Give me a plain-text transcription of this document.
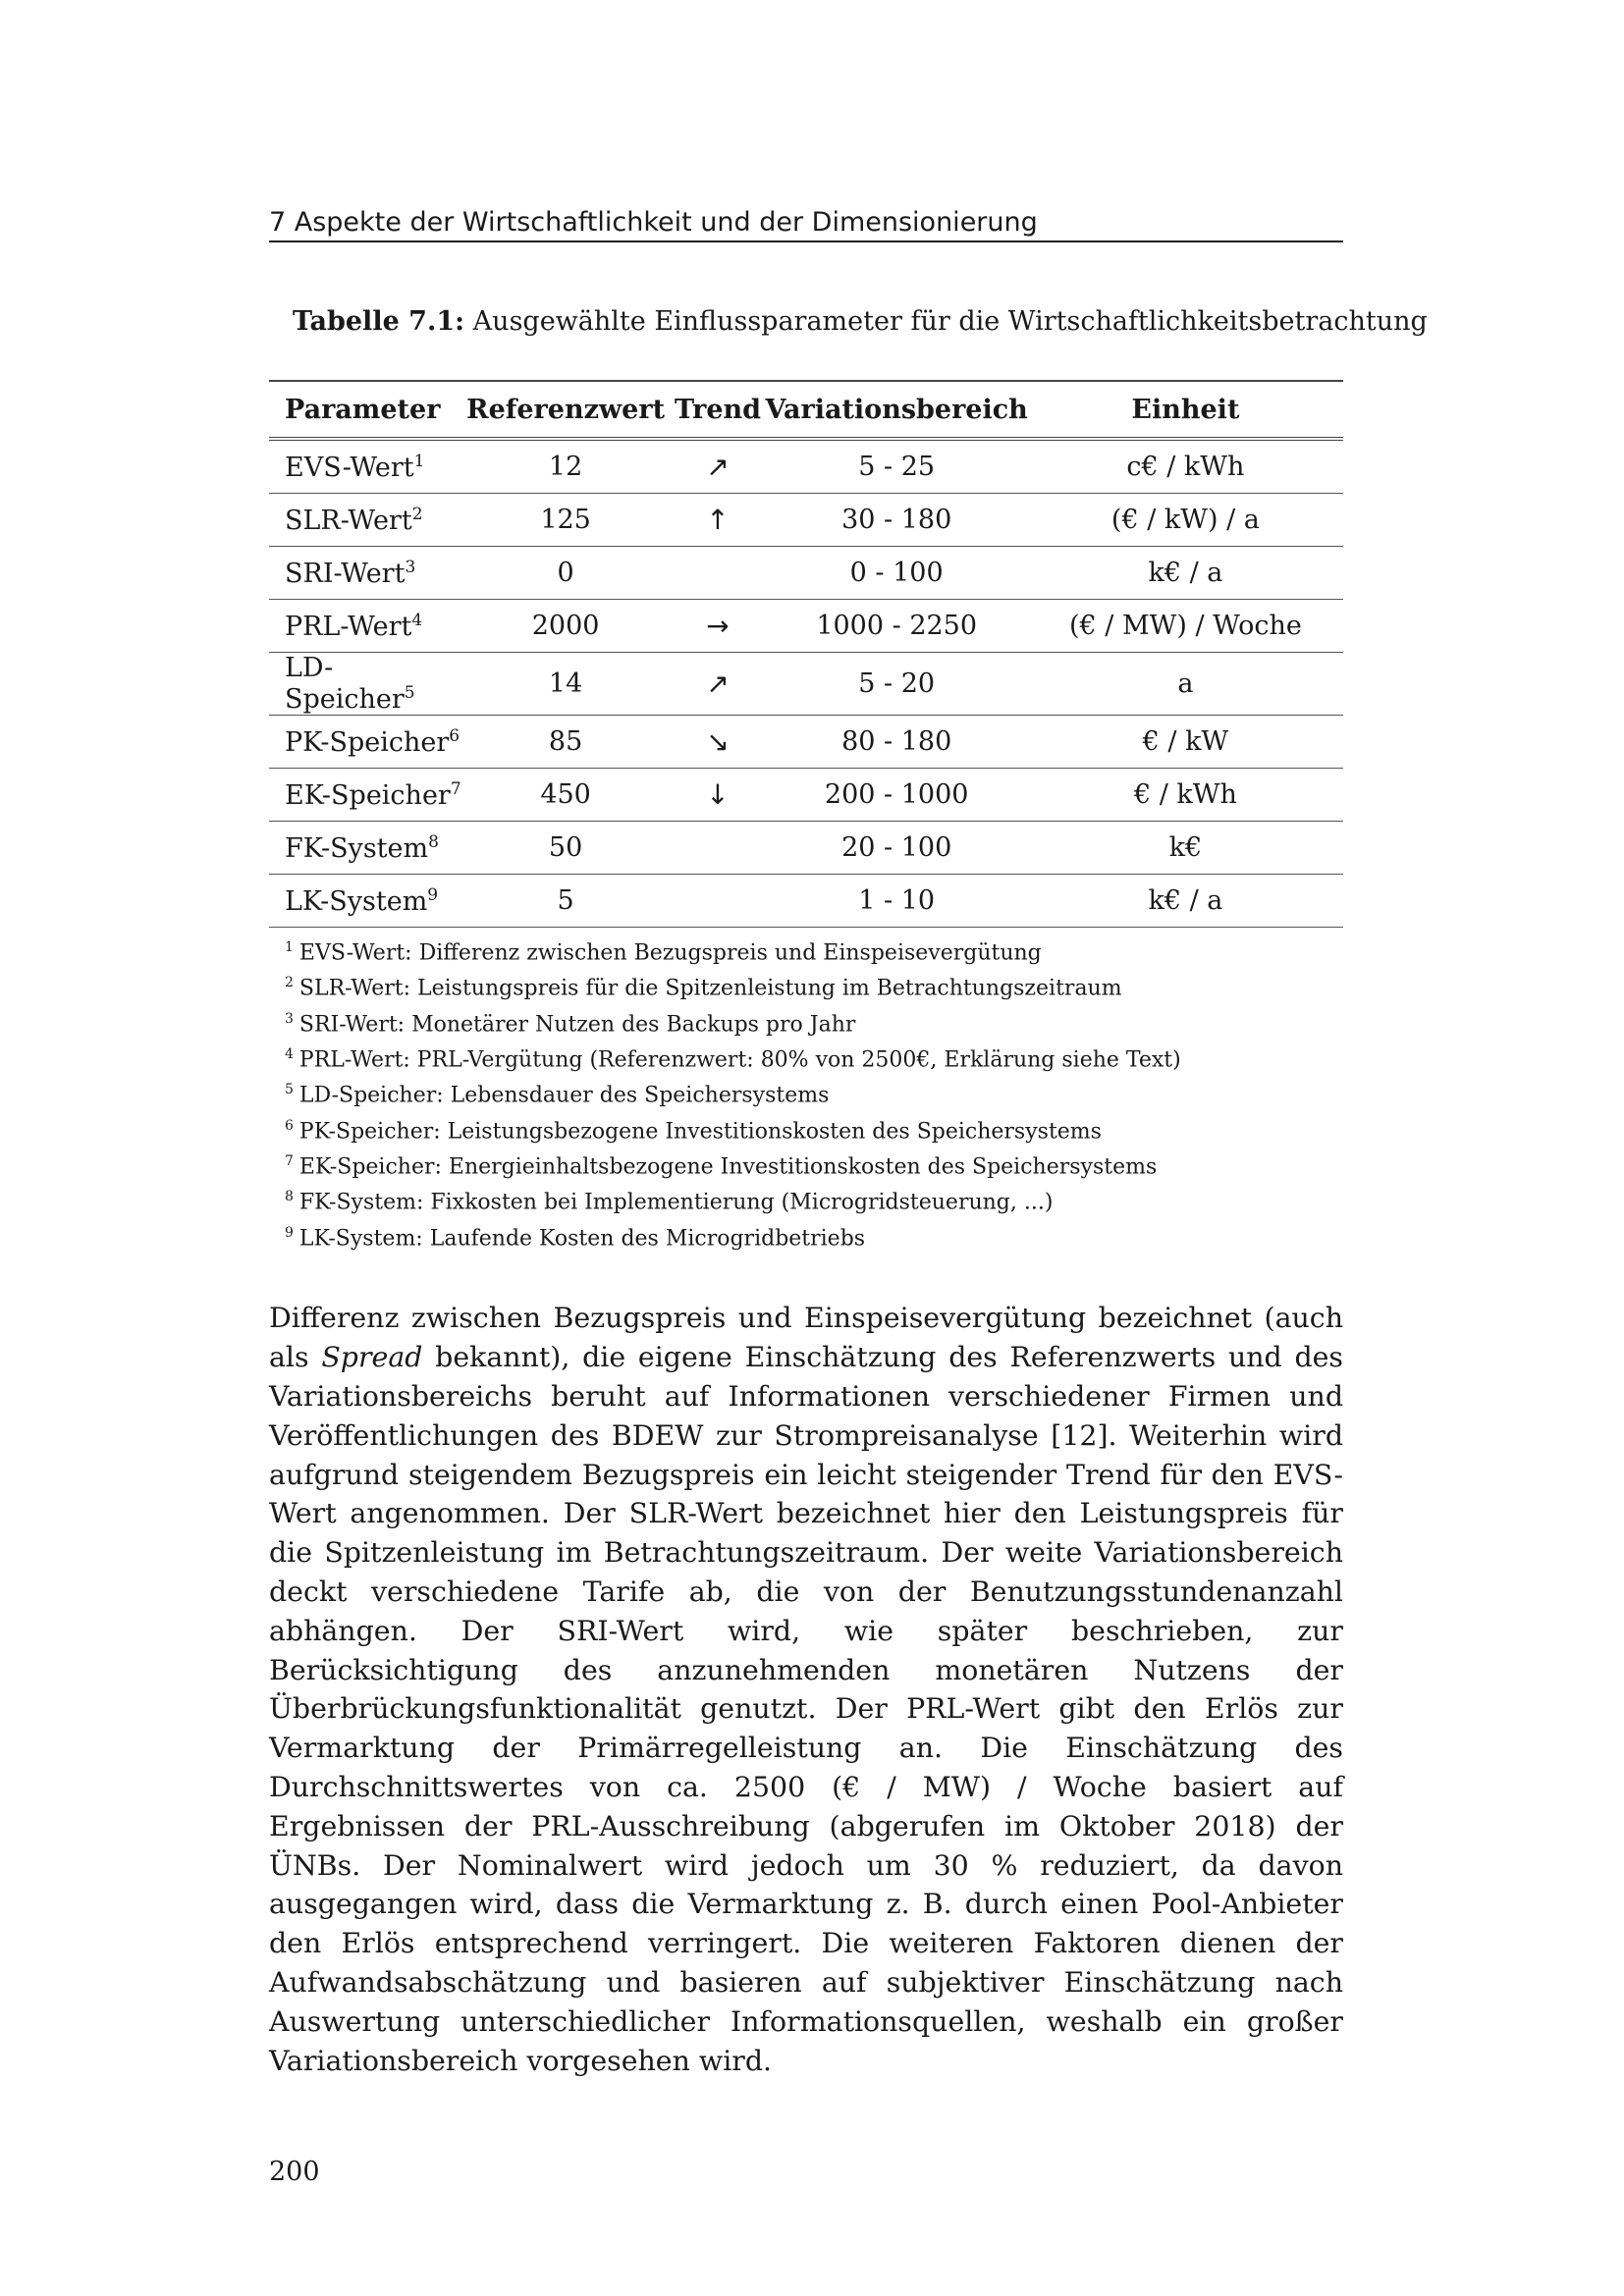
7 Aspekte der Wirtschaftlichkeit und der Dimensionierung
Tabelle 7.1: Ausgewählte Einflussparameter für die Wirtschaftlichkeitsbetrachtung
Parameter	Referenzwert	Trend	Variationsbereich	Einheit
EVS-Wert$^1$	12	↗	5 - 25	c€ / kWh
SLR-Wert$^2$	125	↑	30 - 180	(€ / kW) / a
SRI-Wert$^3$	0		0 - 100	k€ / a
PRL-Wert$^4$	2000	→	1000 - 2250	(€ / MW) / Woche
LD-Speicher$^5$	14	↗	5 - 20	a
PK-Speicher$^6$	85	↘	80 - 180	€ / kW
EK-Speicher$^7$	450	↓	200 - 1000	€ / kWh
FK-System$^8$	50		20 - 100	k€
LK-System$^9$	5		1 - 10	k€ / a
$^1$ EVS-Wert: Differenz zwischen Bezugspreis und Einspeisevergütung
$^2$ SLR-Wert: Leistungspreis für die Spitzenleistung im Betrachtungszeitraum
$^3$ SRI-Wert: Monetärer Nutzen des Backups pro Jahr
$^4$ PRL-Wert: PRL-Vergütung (Referenzwert: 80% von 2500€, Erklärung siehe Text)
$^5$ LD-Speicher: Lebensdauer des Speichersystems
$^6$ PK-Speicher: Leistungsbezogene Investitionskosten des Speichersystems
$^7$ EK-Speicher: Energieinhaltsbezogene Investitionskosten des Speichersystems
$^8$ FK-System: Fixkosten bei Implementierung (Microgridsteuerung, ...)
$^9$ LK-System: Laufende Kosten des Microgridbetriebs

Differenz zwischen Bezugspreis und Einspeisevergütung bezeichnet (auch als Spread bekannt), die eigene Einschätzung des Referenzwerts und des Variationsbereichs beruht auf Informationen verschiedener Firmen und Veröffentlichungen des BDEW zur Strompreisanalyse [12]. Weiterhin wird aufgrund steigendem Bezugspreis ein leicht steigender Trend für den EVS-Wert angenommen. Der SLR-Wert bezeichnet hier den Leistungspreis für die Spitzenleistung im Betrachtungszeitraum. Der weite Variationsbereich deckt verschiedene Tarife ab, die von der Benutzungsstundenanzahl abhängen. Der SRI-Wert wird, wie später beschrieben, zur Berücksichtigung des anzunehmenden monetären Nutzens der Überbrückungsfunktionalität genutzt. Der PRL-Wert gibt den Erlös zur Vermarktung der Primärregelleistung an. Die Einschätzung des Durchschnittswertes von ca. 2500 (€ / MW) / Woche basiert auf Ergebnissen der PRL-Ausschreibung (abgerufen im Oktober 2018) der ÜNBs. Der Nominalwert wird jedoch um 30 % reduziert, da davon ausgegangen wird, dass die Vermarktung z. B. durch einen Pool-Anbieter den Erlös entsprechend verringert. Die weiteren Faktoren dienen der Aufwandsabschätzung und basieren auf subjektiver Einschätzung nach Auswertung unterschiedlicher Informationsquellen, weshalb ein großer Variationsbereich vorgesehen wird.

200
